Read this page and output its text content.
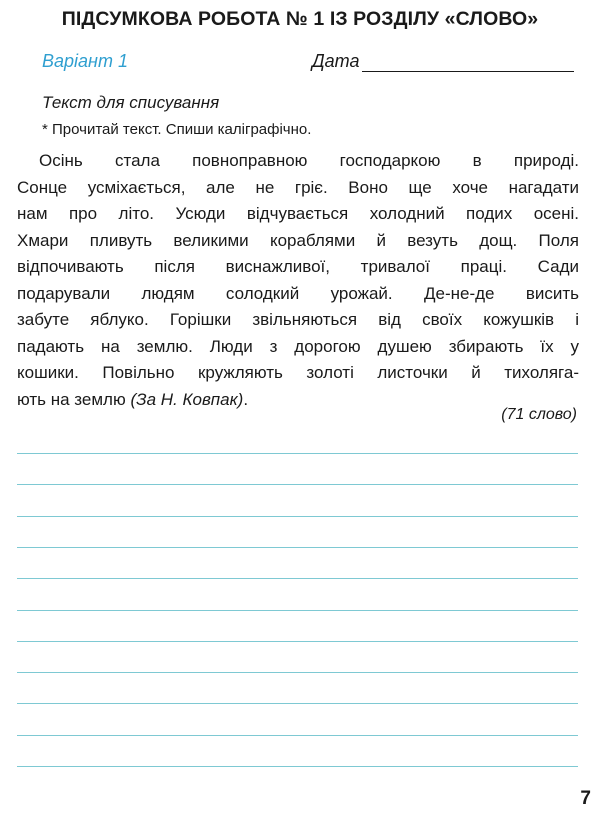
ПІДСУМКОВА РОБОТА № 1 ІЗ РОЗДІЛУ «СЛОВО»
Варіант 1	Дата
Текст для списування
* Прочитай текст. Спиши каліграфічно.
Осінь стала повноправною господаркою в природі.
Сонце усміхається, але не гріє. Воно ще хоче нагадати
нам про літо. Усюди відчувається холодний подих осені.
Хмари пливуть великими кораблями й везуть дощ. Поля
відпочивають після виснажливої, тривалої праці. Сади
подарували людям солодкий урожай. Де-не-де висить
забуте яблуко. Горішки звільняються від своїх кожушків і
падають на землю. Люди з дорогою душею збирають їх у
кошики. Повільно кружляють золоті листочки й тихоляга-
ють на землю (За Н. Ковпак).
(71 слово)
7
